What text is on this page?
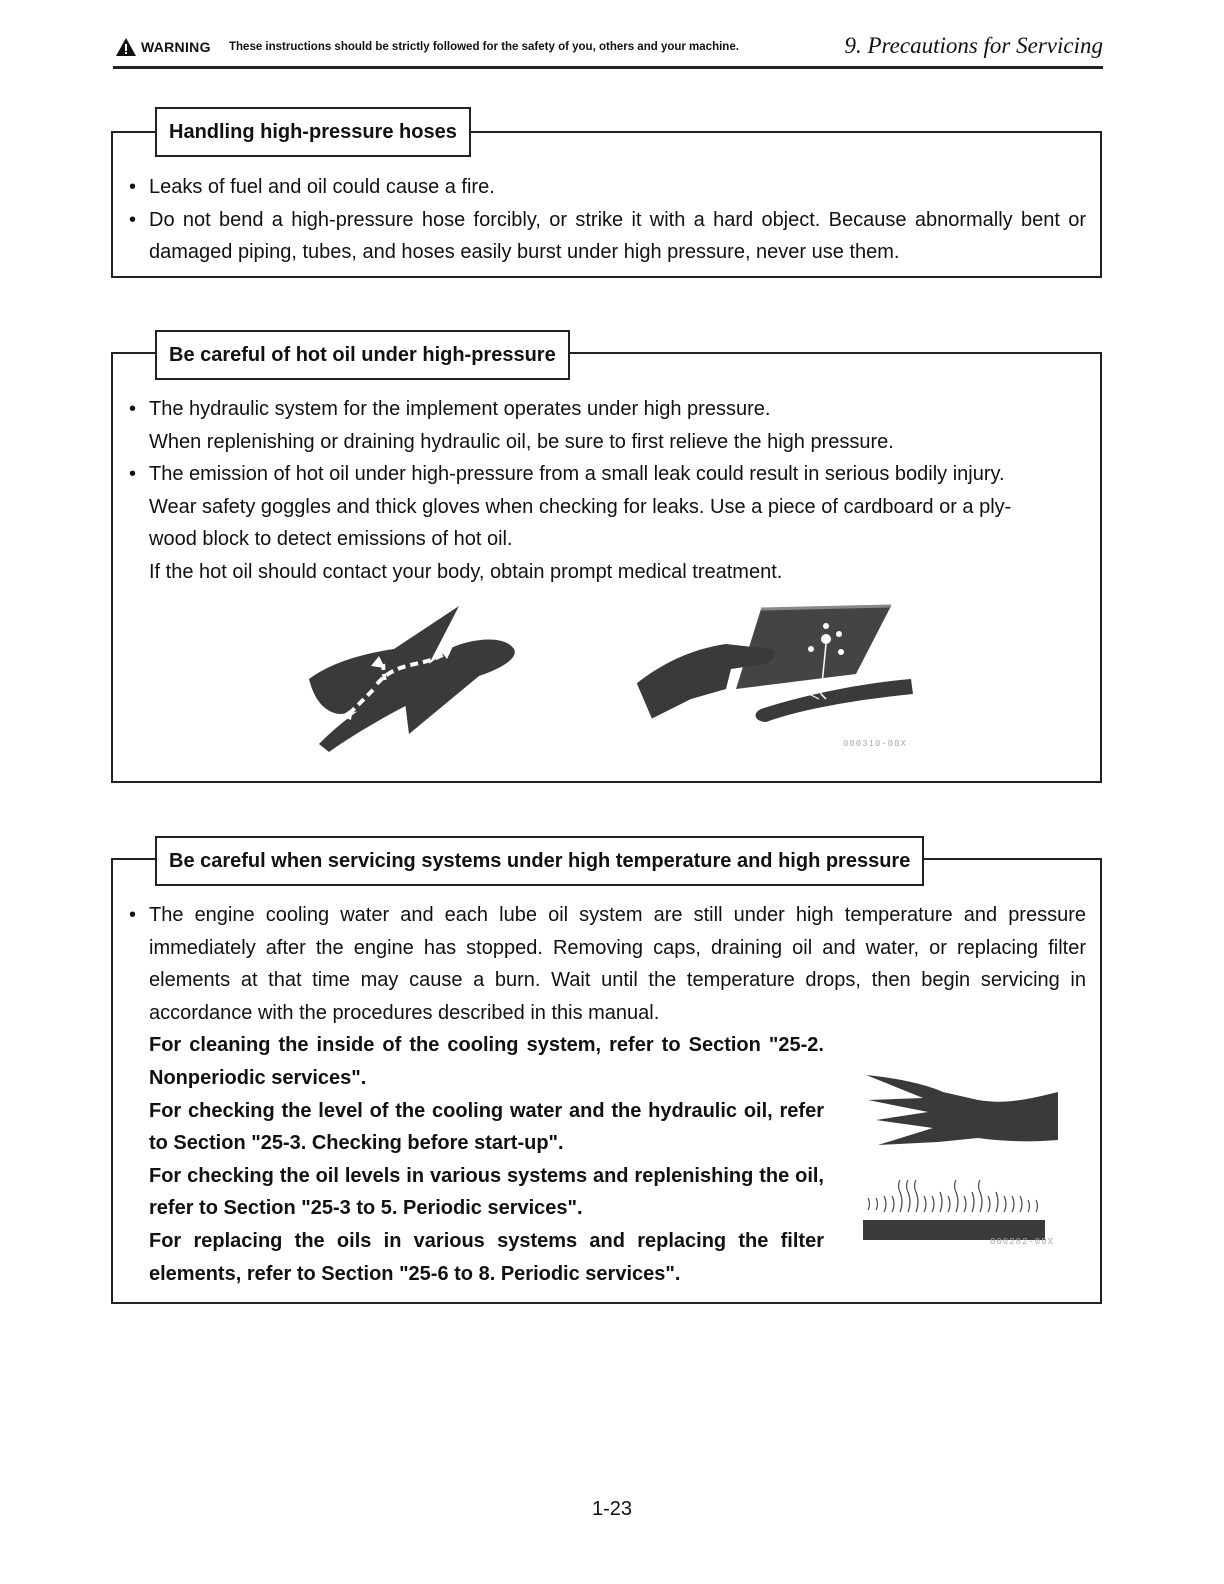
WARNING These instructions should be strictly followed for the safety of you, others and your machine.	9. Precautions for Servicing
Handling high-pressure hoses
• Leaks of fuel and oil could cause a fire.
• Do not bend a high-pressure hose forcibly, or strike it with a hard object. Because abnormally bent or damaged piping, tubes, and hoses easily burst under high pressure, never use them.
Be careful of hot oil under high-pressure
• The hydraulic system for the implement operates under high pressure.
When replenishing or draining hydraulic oil, be sure to first relieve the high pressure.
• The emission of hot oil under high-pressure from a small leak could result in serious bodily injury.
Wear safety goggles and thick gloves when checking for leaks. Use a piece of cardboard or a ply-
wood block to detect emissions of hot oil.
If the hot oil should contact your body, obtain prompt medical treatment.
000310-00X
Be careful when servicing systems under high temperature and high pressure
• The engine cooling water and each lube oil system are still under high temperature and pressure immediately after the engine has stopped. Removing caps, draining oil and water, or replacing filter elements at that time may cause a burn. Wait until the temperature drops, then begin servicing in accordance with the procedures described in this manual.
For cleaning the inside of the cooling system, refer to Section "25-2. Nonperiodic services".
For checking the level of the cooling water and the hydraulic oil, refer to Section "25-3. Checking before start-up".
For checking the oil levels in various systems and replenishing the oil, refer to Section "25-3 to 5. Periodic services".
For replacing the oils in various systems and replacing the filter elements, refer to Section "25-6 to 8. Periodic services".
000282-00X
1-23
